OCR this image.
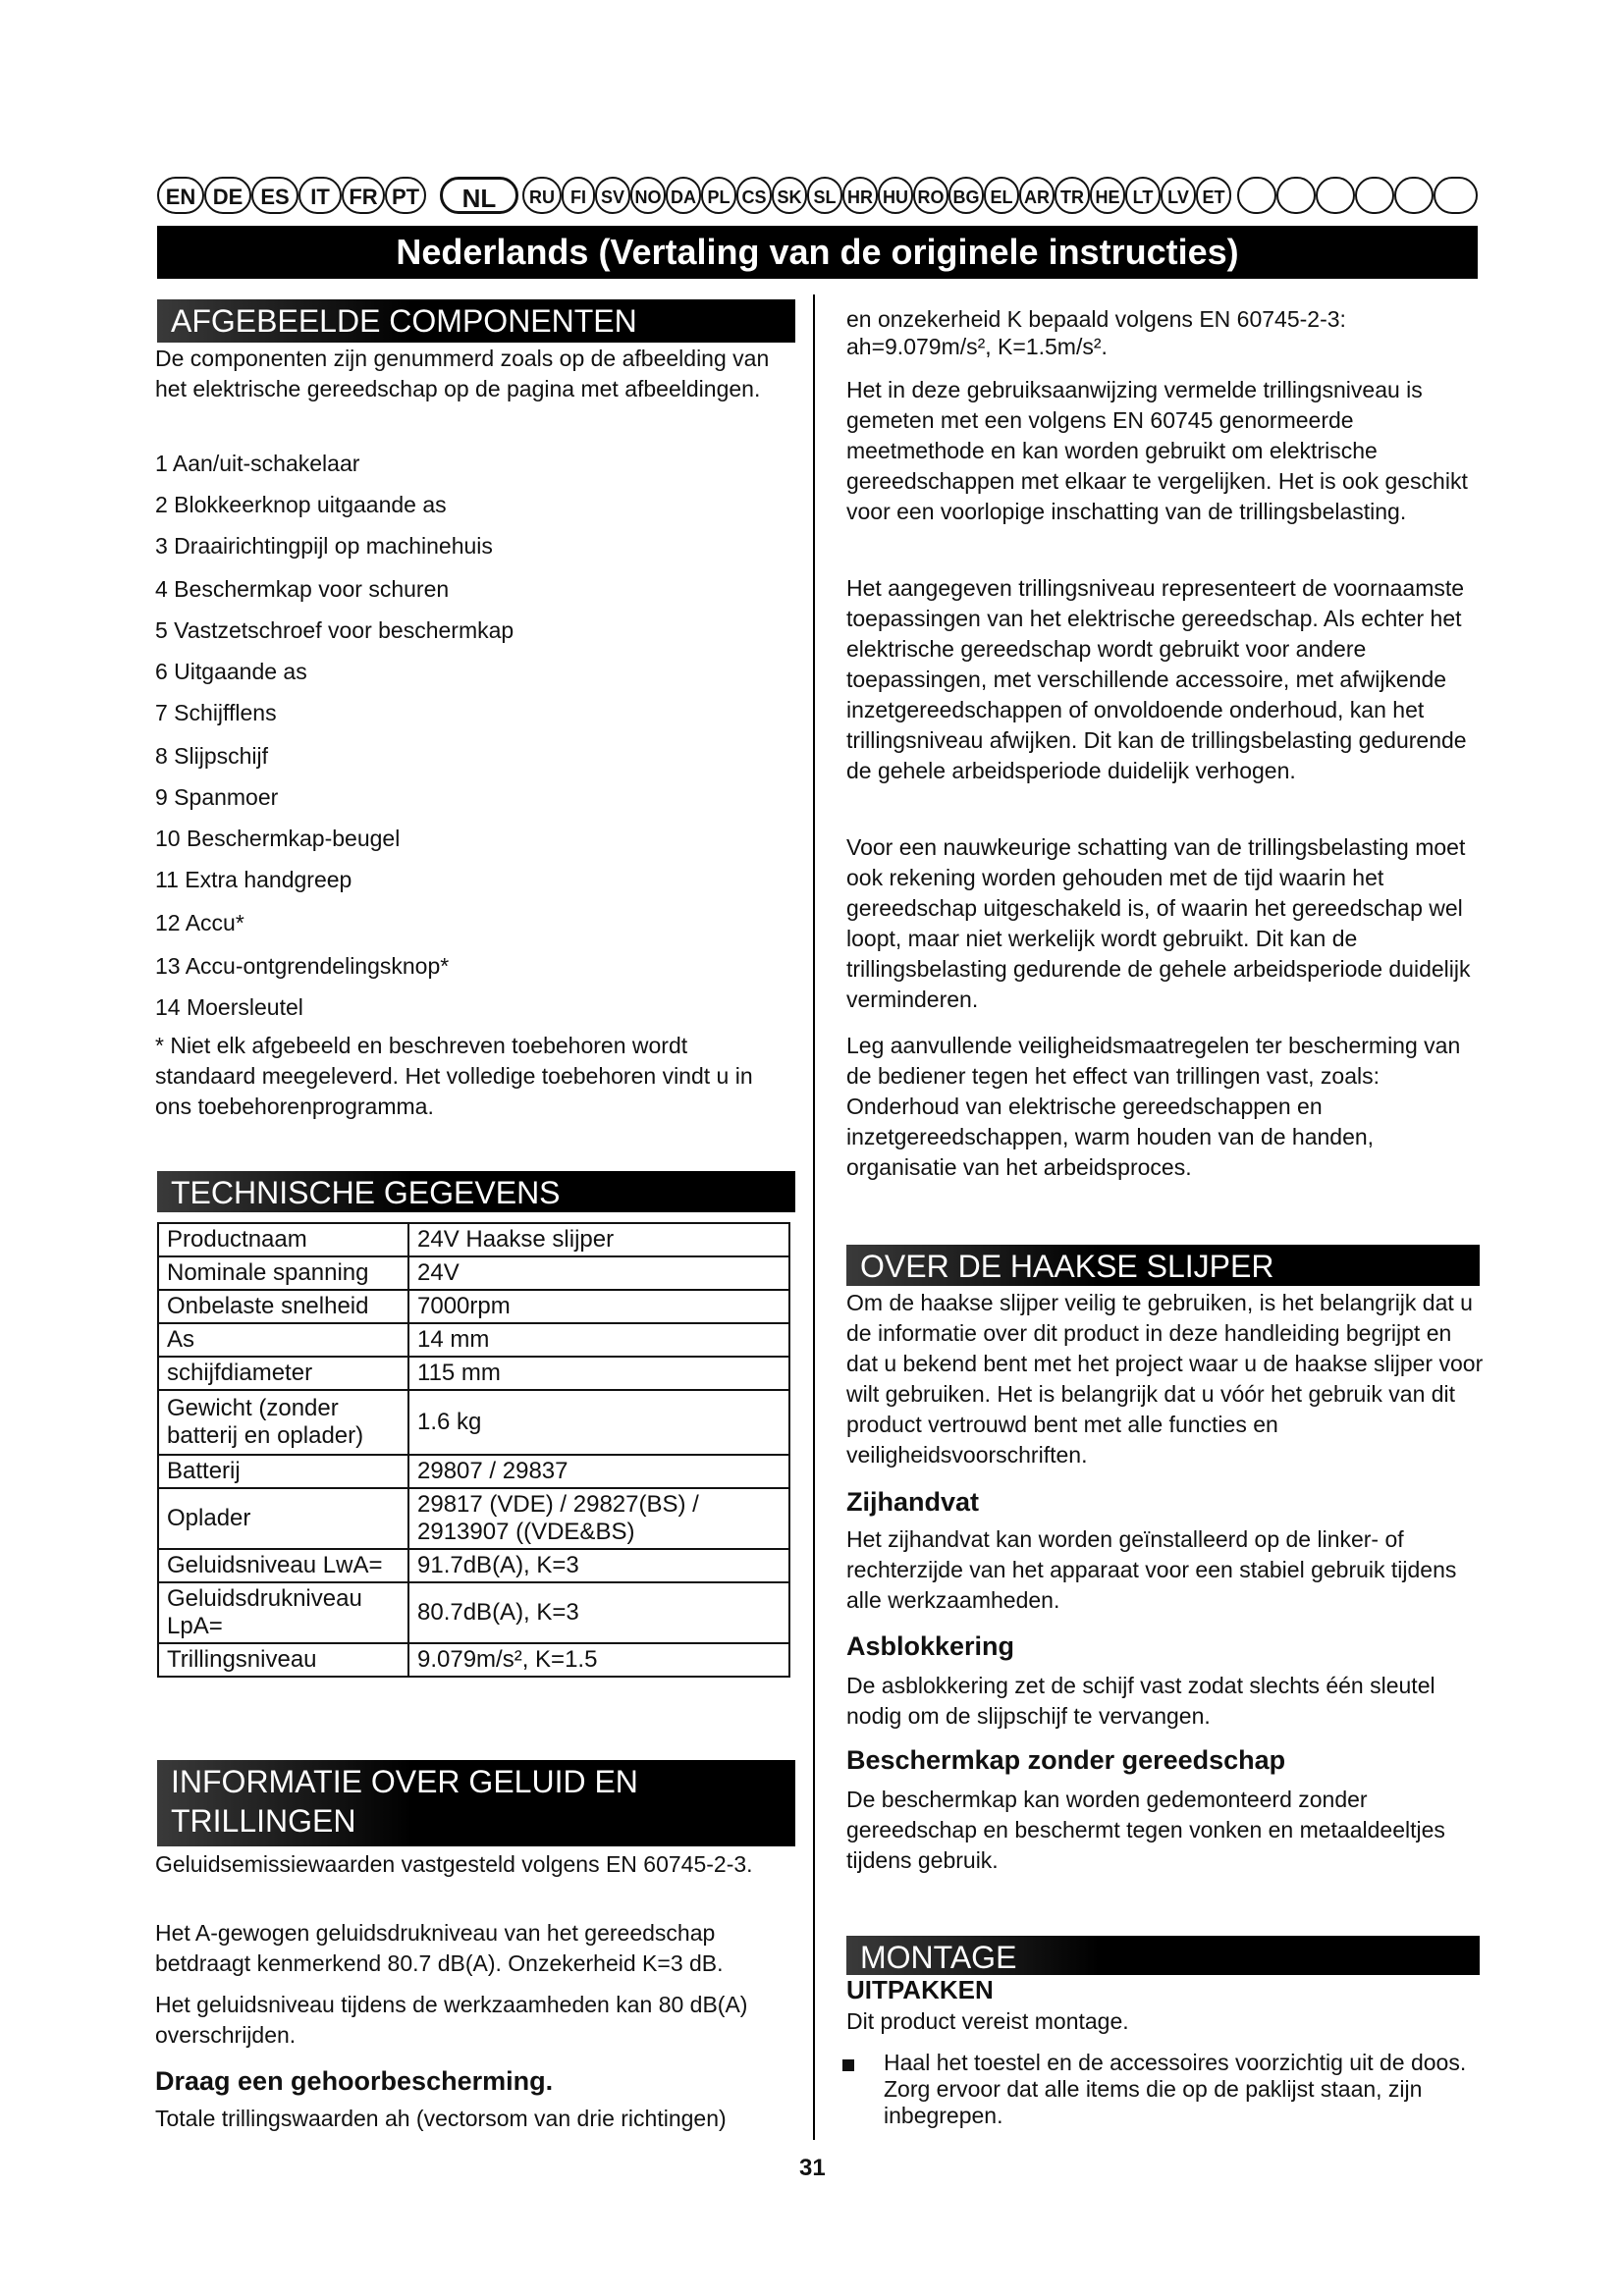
EN DE ES IT FR PT	NL	RU FI SV NO DA PL CS SK SL HR HU RO BG EL AR TR HE LT LV ET
Nederlands (Vertaling van de originele instructies)
AFGEBEELDE COMPONENTEN
De componenten zijn genummerd zoals op de afbeelding van het elektrische gereedschap op de pagina met afbeeldingen.
1 Aan/uit-schakelaar
2 Blokkeerknop uitgaande as
3 Draairichtingpijl op machinehuis
4 Beschermkap voor schuren
5 Vastzetschroef voor beschermkap
6 Uitgaande as
7 Schijfflens
8 Slijpschijf
9 Spanmoer
10 Beschermkap-beugel
11 Extra handgreep
12 Accu*
13 Accu-ontgrendelingsknop*
14 Moersleutel
* Niet elk afgebeeld en beschreven toebehoren wordt standaard meegeleverd. Het volledige toebehoren vindt u in ons toebehorenprogramma.
TECHNISCHE GEGEVENS
Productnaam	24V Haakse slijper
Nominale spanning	24V
Onbelaste snelheid	7000rpm
As	14 mm
schijfdiameter	115 mm
Gewicht (zonder batterij en oplader)	1.6 kg
Batterij	29807 / 29837
Oplader	29817 (VDE) / 29827(BS) / 2913907 ((VDE&BS)
Geluidsniveau LwA=	91.7dB(A), K=3
Geluidsdrukniveau LpA=	80.7dB(A), K=3
Trillingsniveau	9.079m/s², K=1.5
INFORMATIE OVER GELUID EN TRILLINGEN
Geluidsemissiewaarden vastgesteld volgens EN 60745-2-3.
Het A-gewogen geluidsdrukniveau van het gereedschap betdraagt kenmerkend 80.7 dB(A). Onzekerheid K=3 dB.
Het geluidsniveau tijdens de werkzaamheden kan 80 dB(A) overschrijden.
Draag een gehoorbescherming.
Totale trillingswaarden ah (vectorsom van drie richtingen)
en onzekerheid K bepaald volgens EN 60745-2-3:
ah=9.079m/s², K=1.5m/s².
Het in deze gebruiksaanwijzing vermelde trillingsniveau is gemeten met een volgens EN 60745 genormeerde meetmethode en kan worden gebruikt om elektrische gereedschappen met elkaar te vergelijken. Het is ook geschikt voor een voorlopige inschatting van de trillingsbelasting.
Het aangegeven trillingsniveau representeert de voornaamste toepassingen van het elektrische gereedschap. Als echter het elektrische gereedschap wordt gebruikt voor andere toepassingen, met verschillende accessoire, met afwijkende inzetgereedschappen of onvoldoende onderhoud, kan het trillingsniveau afwijken. Dit kan de trillingsbelasting gedurende de gehele arbeidsperiode duidelijk verhogen.
Voor een nauwkeurige schatting van de trillingsbelasting moet ook rekening worden gehouden met de tijd waarin het gereedschap uitgeschakeld is, of waarin het gereedschap wel loopt, maar niet werkelijk wordt gebruikt. Dit kan de trillingsbelasting gedurende de gehele arbeidsperiode duidelijk verminderen.
Leg aanvullende veiligheidsmaatregelen ter bescherming van de bediener tegen het effect van trillingen vast, zoals: Onderhoud van elektrische gereedschappen en inzetgereedschappen, warm houden van de handen, organisatie van het arbeidsproces.
OVER DE HAAKSE SLIJPER
Om de haakse slijper veilig te gebruiken, is het belangrijk dat u de informatie over dit product in deze handleiding begrijpt en dat u bekend bent met het project waar u de haakse slijper voor wilt gebruiken. Het is belangrijk dat u vóór het gebruik van dit product vertrouwd bent met alle functies en veiligheidsvoorschriften.
Zijhandvat
Het zijhandvat kan worden geïnstalleerd op de linker- of rechterzijde van het apparaat voor een stabiel gebruik tijdens alle werkzaamheden.
Asblokkering
De asblokkering zet de schijf vast zodat slechts één sleutel nodig om de slijpschijf te vervangen.
Beschermkap zonder gereedschap
De beschermkap kan worden gedemonteerd zonder gereedschap en beschermt tegen vonken en metaaldeeltjes tijdens gebruik.
MONTAGE
UITPAKKEN
Dit product vereist montage.
Haal het toestel en de accessoires voorzichtig uit de doos. Zorg ervoor dat alle items die op de paklijst staan, zijn inbegrepen.
31
